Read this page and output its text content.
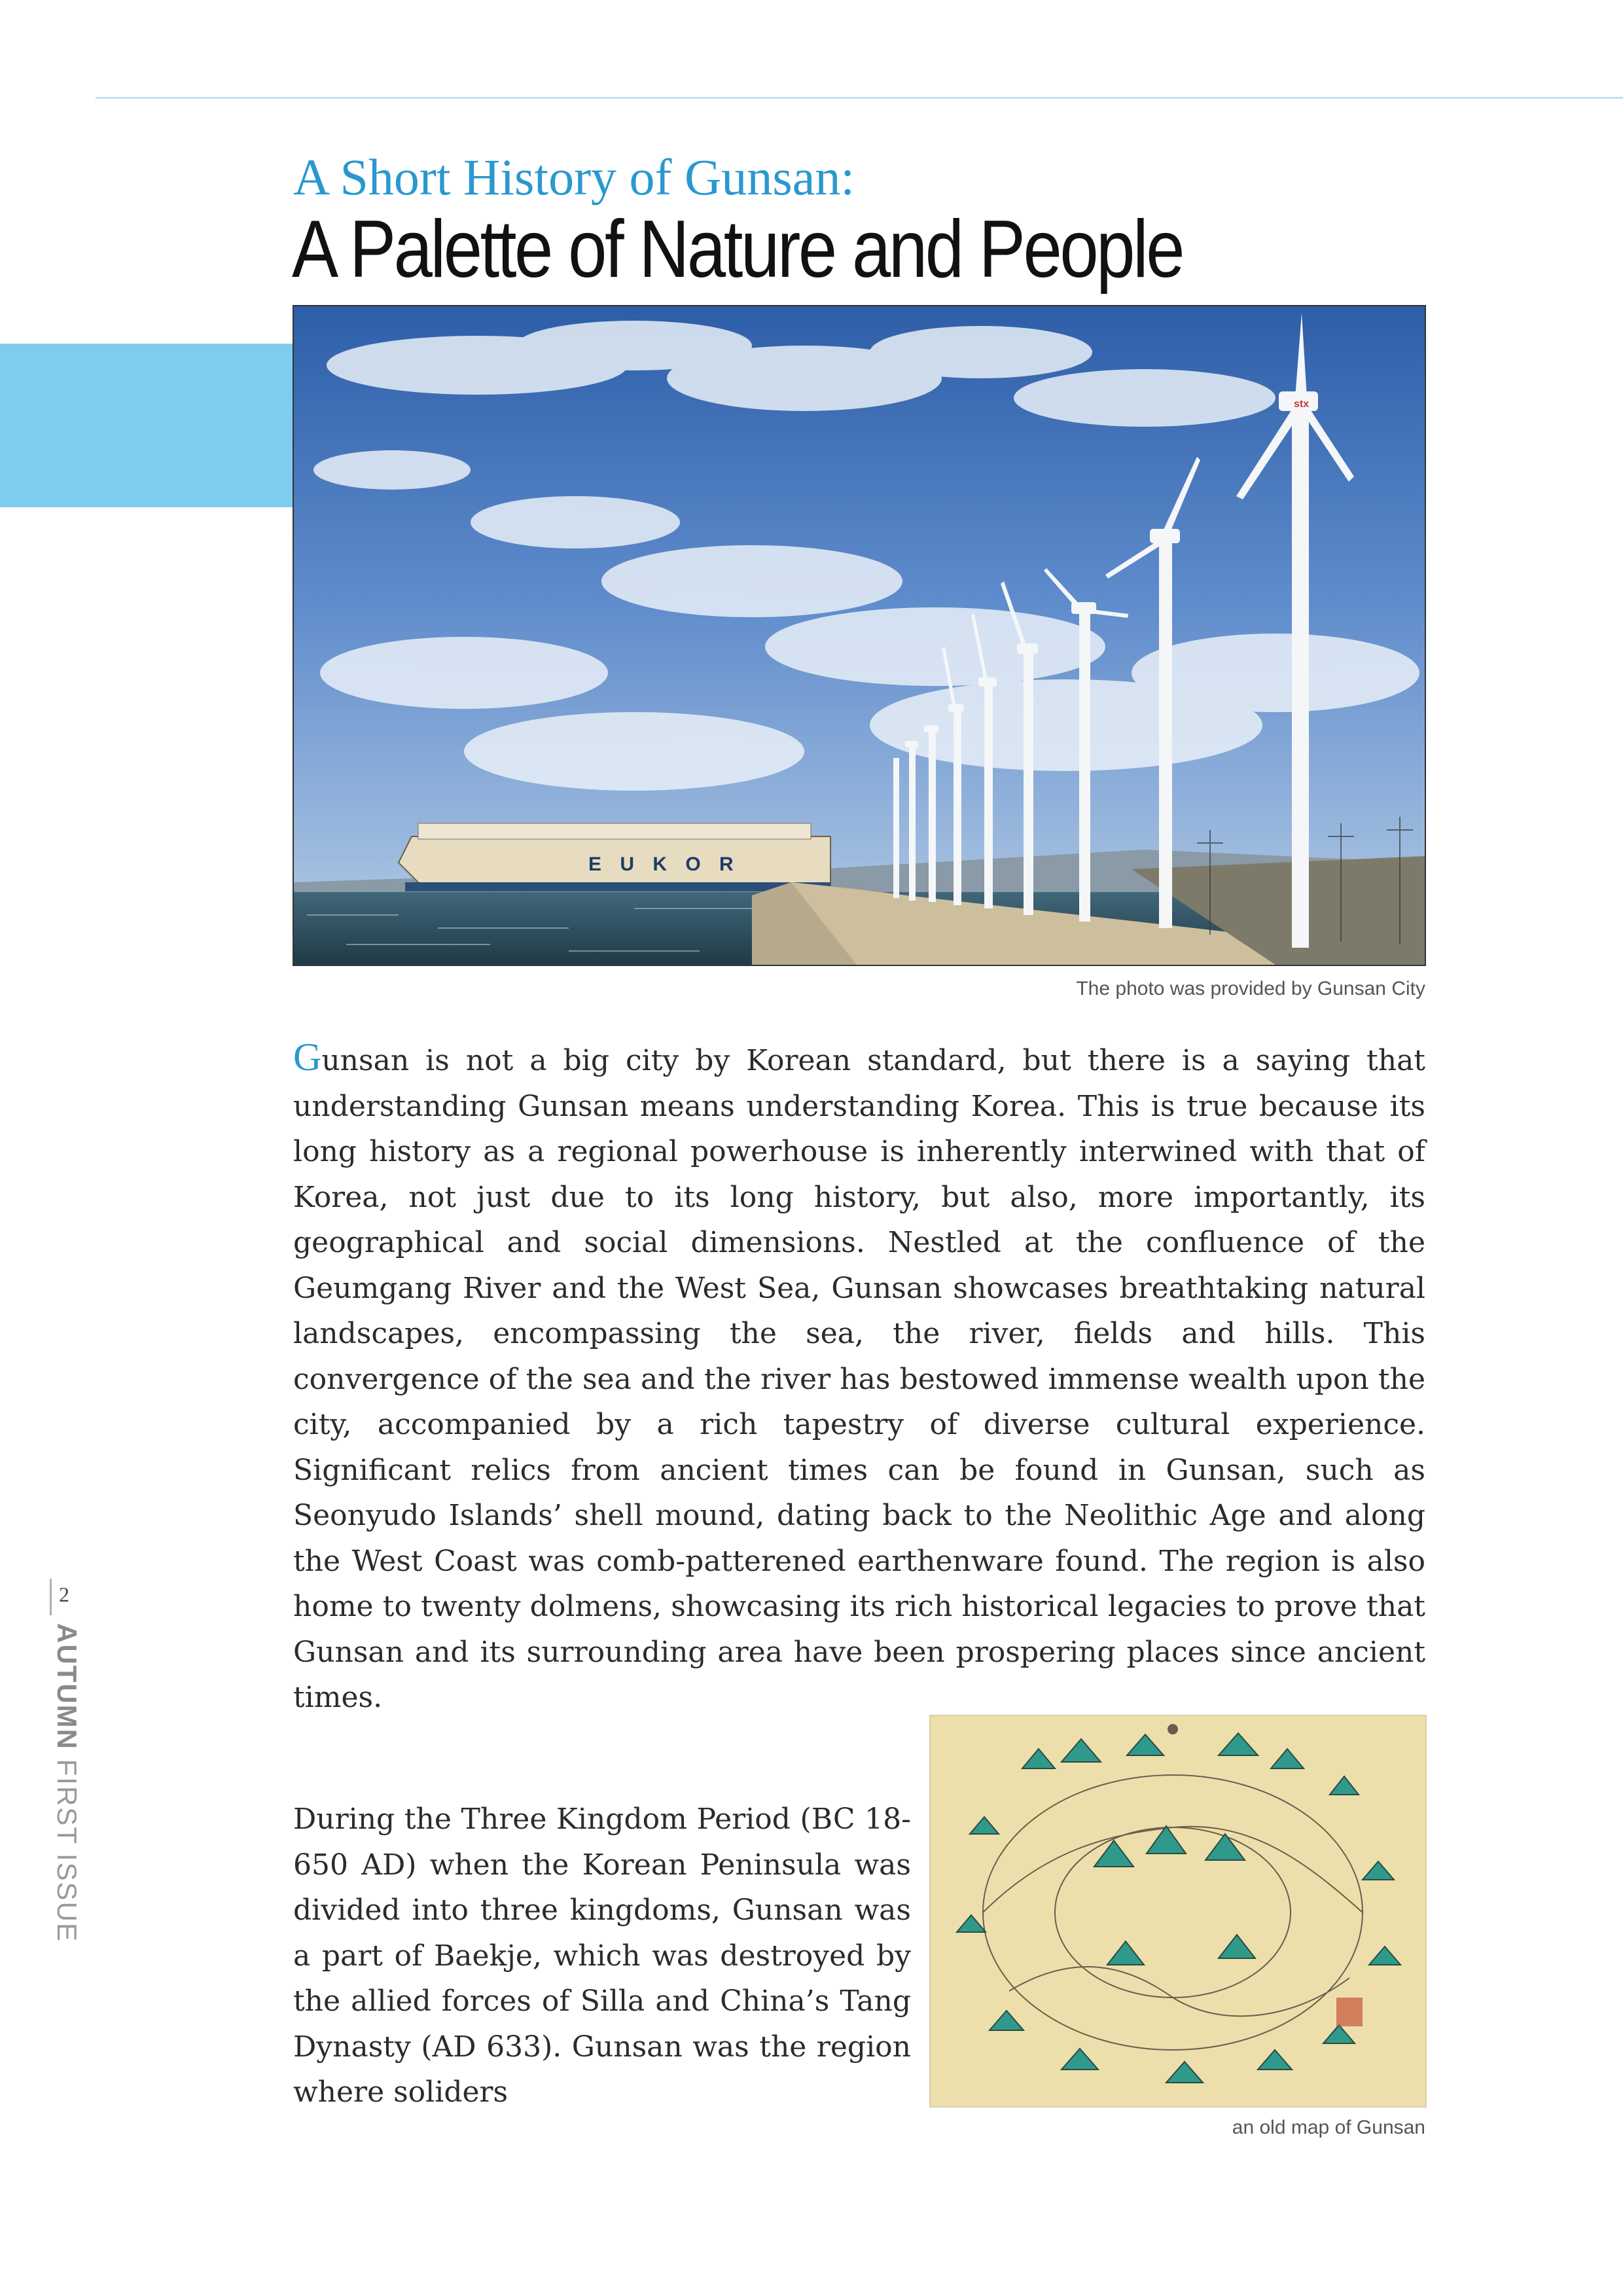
A Short History of Gunsan:
A Palette of Nature and People
E U K O R
stx
The photo was provided by Gunsan City

Gunsan is not a big city by Korean standard, but there is a saying that understanding Gunsan means understanding Korea. This is true because its long history as a regional powerhouse is inherently interwined with that of Korea, not just due to its long history, but also, more importantly, its geographical and social dimensions. Nestled at the confluence of the Geumgang River and the West Sea, Gunsan showcases breathtaking natural landscapes, encompassing the sea, the river, fields and hills. This convergence of the sea and the river has bestowed immense wealth upon the city, accompanied by a rich tapestry of diverse cultural experience. Significant relics from ancient times can be found in Gunsan, such as Seonyudo Islands’ shell mound, dating back to the Neolithic Age and along the West Coast was comb-patterened earthenware found. The region is also home to twenty dolmens, showcasing its rich historical legacies to prove that Gunsan and its surrounding area have been prospering places since ancient times.

During the Three Kingdom Period (BC 18-650 AD) when the Korean Peninsula was divided into three kingdoms, Gunsan was a part of Baekje, which was destroyed by the allied forces of Silla and China’s Tang Dynasty (AD 633). Gunsan was the region where soliders

an old map of Gunsan
2
AUTUMN FIRST ISSUE
